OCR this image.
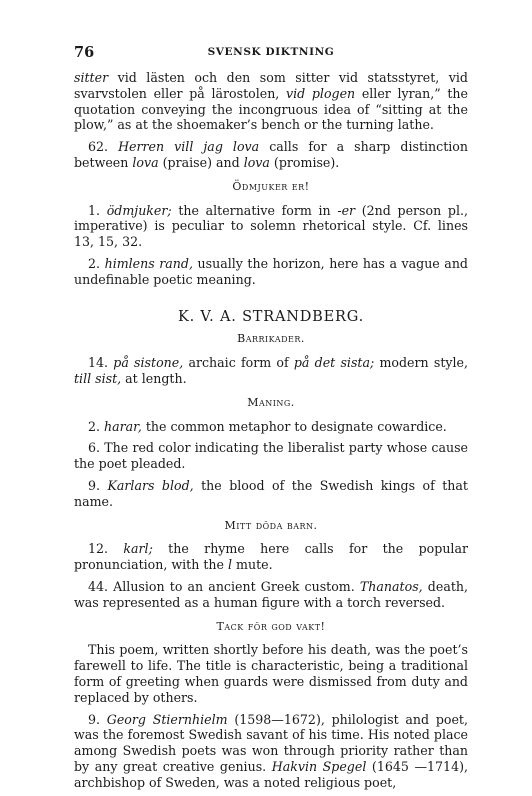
76	SVENSK DIKTNING

sitter vid lästen och den som sitter vid statsstyret, vid svarvstolen eller på lärostolen, vid plogen eller lyran,” the quotation conveying the incongruous idea of “sitting at the plow,” as at the shoemaker’s bench or the turning lathe.

62. Herren vill jag lova calls for a sharp distinction between lova (praise) and lova (promise).

Ödmjuker er!

1. ödmjuker; the alternative form in -er (2nd person pl., imperative) is peculiar to solemn rhetorical style. Cf. lines 13, 15, 32.

2. himlens rand, usually the horizon, here has a vague and undefinable poetic meaning.

K. V. A. STRANDBERG.
Barrikader.

14. på sistone, archaic form of på det sista; modern style, till sist, at length.

Maning.

2. harar, the common metaphor to designate cowardice.

6. The red color indicating the liberalist party whose cause the poet pleaded.

9. Karlars blod, the blood of the Swedish kings of that name.

Mitt döda barn.

12. karl; the rhyme here calls for the popular pronunciation, with the l mute.

44. Allusion to an ancient Greek custom. Thanatos, death, was represented as a human figure with a torch reversed.

Tack för god vakt!

This poem, written shortly before his death, was the poet’s farewell to life. The title is characteristic, being a traditional form of greeting when guards were dismissed from duty and replaced by others.

9. Georg Stiernhielm (1598—1672), philologist and poet, was the foremost Swedish savant of his time. His noted place among Swedish poets was won through priority rather than by any great creative genius. Hakvin Spegel (1645 —1714), archbishop of Sweden, was a noted religious poet,
